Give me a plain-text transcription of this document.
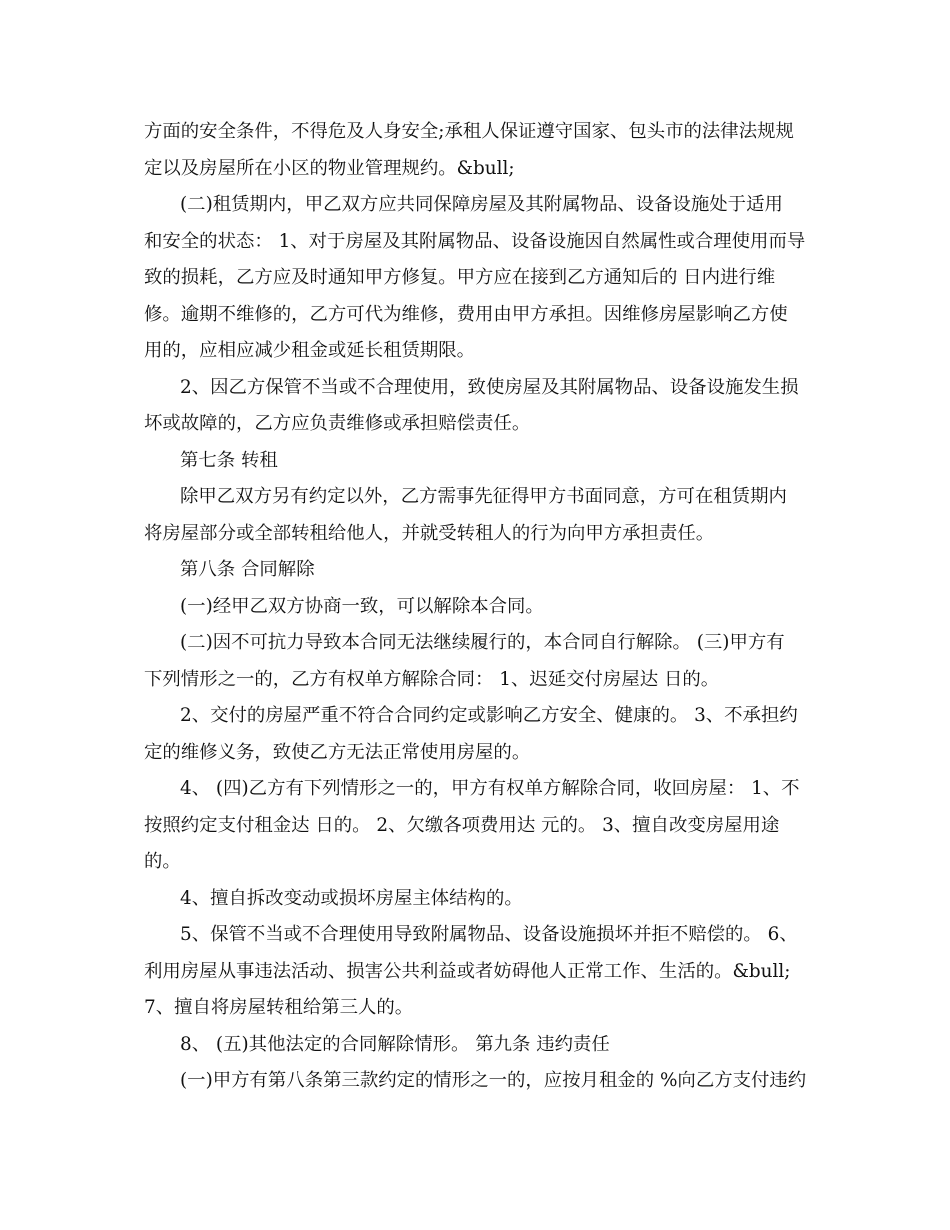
方面的安全条件，不得危及人身安全;承租人保证遵守国家、包头市的法律法规规
定以及房屋所在小区的物业管理规约。&bull;
(二)租赁期内，甲乙双方应共同保障房屋及其附属物品、设备设施处于适用
和安全的状态： 1、对于房屋及其附属物品、设备设施因自然属性或合理使用而导
致的损耗，乙方应及时通知甲方修复。甲方应在接到乙方通知后的 日内进行维
修。逾期不维修的，乙方可代为维修，费用由甲方承担。因维修房屋影响乙方使
用的，应相应减少租金或延长租赁期限。
2、因乙方保管不当或不合理使用，致使房屋及其附属物品、设备设施发生损
坏或故障的，乙方应负责维修或承担赔偿责任。
第七条 转租
除甲乙双方另有约定以外，乙方需事先征得甲方书面同意，方可在租赁期内
将房屋部分或全部转租给他人，并就受转租人的行为向甲方承担责任。
第八条 合同解除
(一)经甲乙双方协商一致，可以解除本合同。
(二)因不可抗力导致本合同无法继续履行的，本合同自行解除。 (三)甲方有
下列情形之一的，乙方有权单方解除合同： 1、迟延交付房屋达 日的。
2、交付的房屋严重不符合合同约定或影响乙方安全、健康的。 3、不承担约
定的维修义务，致使乙方无法正常使用房屋的。
4、 (四)乙方有下列情形之一的，甲方有权单方解除合同，收回房屋： 1、不
按照约定支付租金达 日的。 2、欠缴各项费用达 元的。 3、擅自改变房屋用途
的。
4、擅自拆改变动或损坏房屋主体结构的。
5、保管不当或不合理使用导致附属物品、设备设施损坏并拒不赔偿的。 6、
利用房屋从事违法活动、损害公共利益或者妨碍他人正常工作、生活的。&bull;
7、擅自将房屋转租给第三人的。
8、 (五)其他法定的合同解除情形。 第九条 违约责任
(一)甲方有第八条第三款约定的情形之一的，应按月租金的 %向乙方支付违约
